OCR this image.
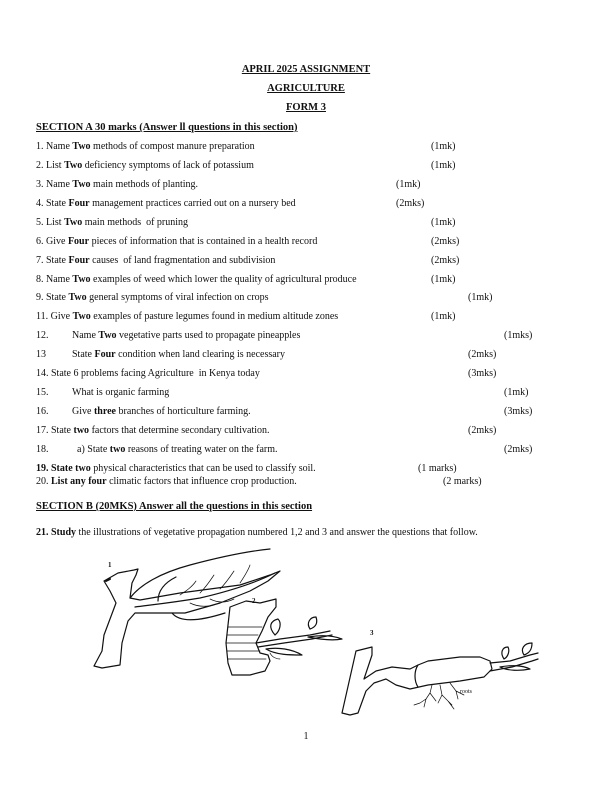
APRIL 2025 ASSIGNMENT
AGRICULTURE
FORM 3
SECTION A 30 marks (Answer ll questions in this section)
1. Name Two methods of compost manure preparation	(1mk)
2. List Two deficiency symptoms of lack of potassium	(1mk)
3. Name Two main methods of planting.	(1mk)
4. State Four management practices carried out on a nursery bed	(2mks)
5. List Two main methods  of pruning	(1mk)
6. Give Four pieces of information that is contained in a health record	(2mks)
7. State Four causes  of land fragmentation and subdivision	(2mks)
8. Name Two examples of weed which lower the quality of agricultural produce	(1mk)
9. State Two general symptoms of viral infection on crops	(1mk)
11. Give Two examples of pasture legumes found in medium altitude zones	(1mk)
12. Name Two vegetative parts used to propagate pineapples	(1mks)
13	State Four condition when land clearing is necessary	(2mks)
14. State 6 problems facing Agriculture  in Kenya today	(3mks)
15. What is organic farming	(1mk)
16. Give three branches of horticulture farming.	(3mks)
17. State two factors that determine secondary cultivation.	(2mks)
18.  a) State two reasons of treating water on the farm.	(2mks)
19. State two physical characteristics that can be used to classify soil.	(1 marks)
20. List any four climatic factors that influence crop production.	(2 marks)
SECTION B (20MKS) Answer all the questions in this section
21. Study the illustrations of vegetative propagation numbered 1,2 and 3 and answer the questions that follow.
1
2
3
roots
1
